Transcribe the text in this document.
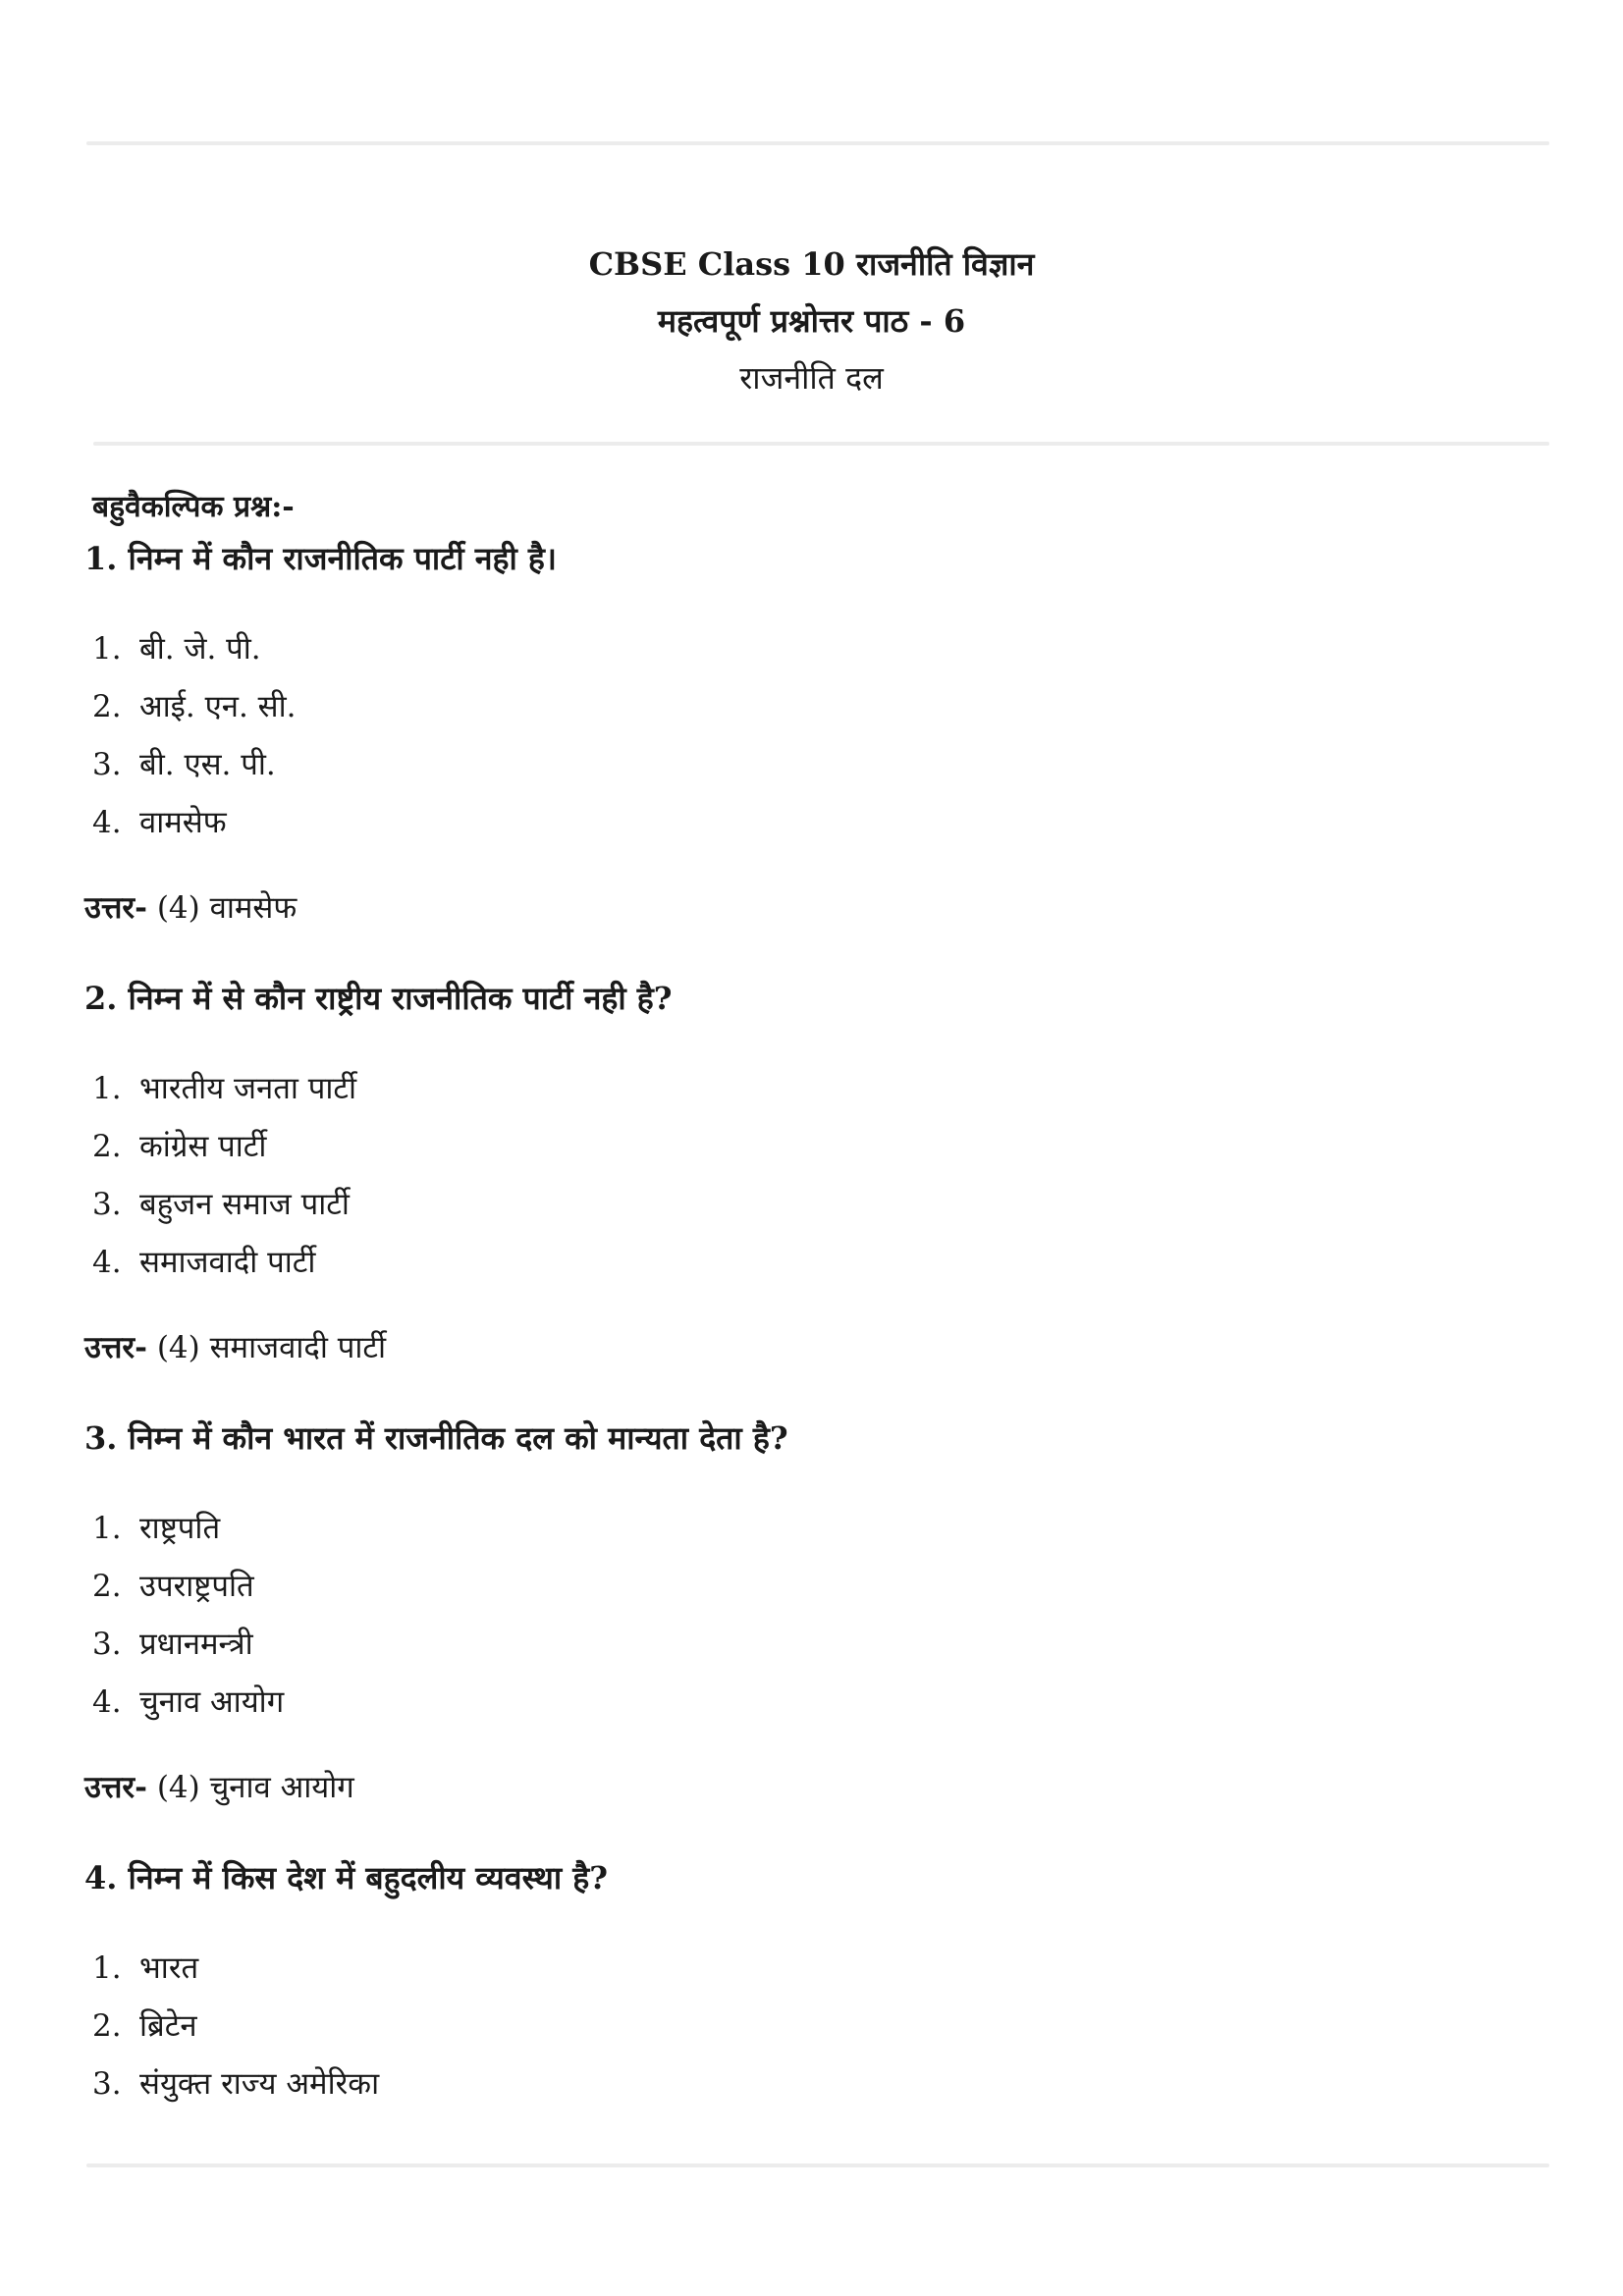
CBSE Class 10 राजनीति विज्ञान
महत्वपूर्ण प्रश्नोत्तर पाठ - 6
राजनीति दल
बहुवैकल्पिक प्रश्न:-
1. निम्न में कौन राजनीतिक पार्टी नही है।
1. बी. जे. पी.
2. आई. एन. सी.
3. बी. एस. पी.
4. वामसेफ
उत्तर- (4) वामसेफ
2. निम्न में से कौन राष्ट्रीय राजनीतिक पार्टी नही है?
1. भारतीय जनता पार्टी
2. कांग्रेस पार्टी
3. बहुजन समाज पार्टी
4. समाजवादी पार्टी
उत्तर- (4) समाजवादी पार्टी
3. निम्न में कौन भारत में राजनीतिक दल को मान्यता देता है?
1. राष्ट्रपति
2. उपराष्ट्रपति
3. प्रधानमन्त्री
4. चुनाव आयोग
उत्तर- (4) चुनाव आयोग
4. निम्न में किस देश में बहुदलीय व्यवस्था है?
1. भारत
2. ब्रिटेन
3. संयुक्त राज्य अमेरिका
